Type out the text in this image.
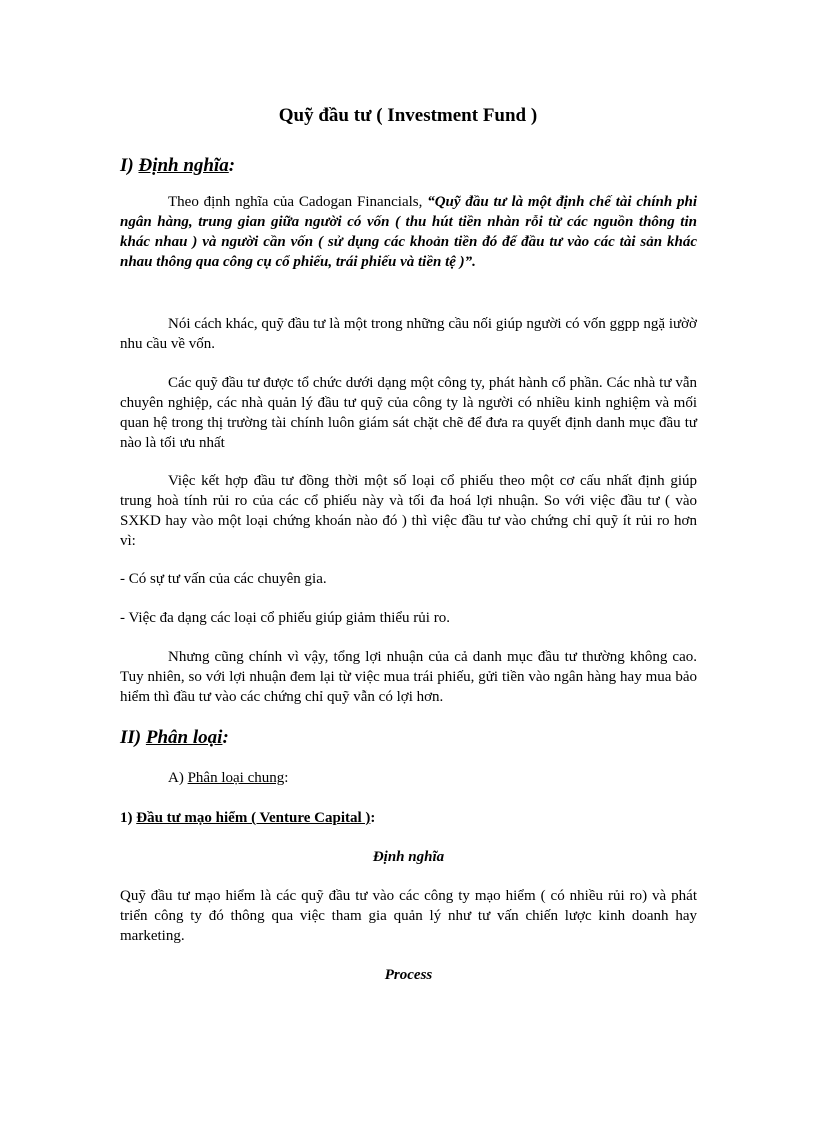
Quỹ đầu tư ( Investment Fund )
I) Định nghĩa:
Theo định nghĩa của Cadogan Financials, “Quỹ đầu tư là một định chế tài chính phi ngân hàng, trung gian giữa người có vốn ( thu hút tiền nhàn rỗi từ các nguồn thông tin khác nhau ) và người cần vốn ( sử dụng các khoản tiền đó để đầu tư vào các tài sản khác nhau thông qua công cụ cổ phiếu, trái phiếu và tiền tệ )”.
Nói cách khác, quỹ đầu tư là một trong những cầu nối giúp người có vốn ggpp ngặ iườờ nhu cầu về vốn.
Các quỹ đầu tư được tổ chức dưới dạng một công ty, phát hành cổ phần. Các nhà tư vẫn chuyên nghiệp, các nhà quản lý đầu tư quỹ của công ty là người có nhiều kinh nghiệm và mối quan hệ trong thị trường tài chính luôn giám sát chặt chẽ để đưa ra quyết định danh mục đầu tư nào là tối ưu nhất
Việc kết hợp đầu tư đồng thời một số loại cổ phiếu theo một cơ cấu nhất định giúp trung hoà tính rủi ro của các cổ phiếu này và tối đa hoá lợi nhuận. So với việc đầu tư ( vào SXKD hay vào một loại chứng khoán nào đó ) thì việc đầu tư vào chứng chỉ quỹ ít rủi ro hơn vì:
- Có sự tư vấn của các chuyên gia.
- Việc đa dạng các loại cổ phiếu giúp giảm thiểu rủi ro.
Nhưng cũng chính vì vậy, tổng lợi nhuận của cả danh mục đầu tư thường không cao. Tuy nhiên, so với lợi nhuận đem lại từ việc mua trái phiếu, gửi tiền vào ngân hàng hay mua bảo hiểm thì đầu tư vào các chứng chỉ quỹ vẫn có lợi hơn.
II) Phân loại:
A) Phân loại chung:
1) Đầu tư mạo hiểm ( Venture Capital ):
Định nghĩa
Quỹ đầu tư mạo hiểm là các quỹ đầu tư vào các công ty mạo hiểm ( có nhiều rủi ro) và phát triển công ty đó thông qua việc tham gia quản lý như tư vấn chiến lược kinh doanh hay marketing.
Process
